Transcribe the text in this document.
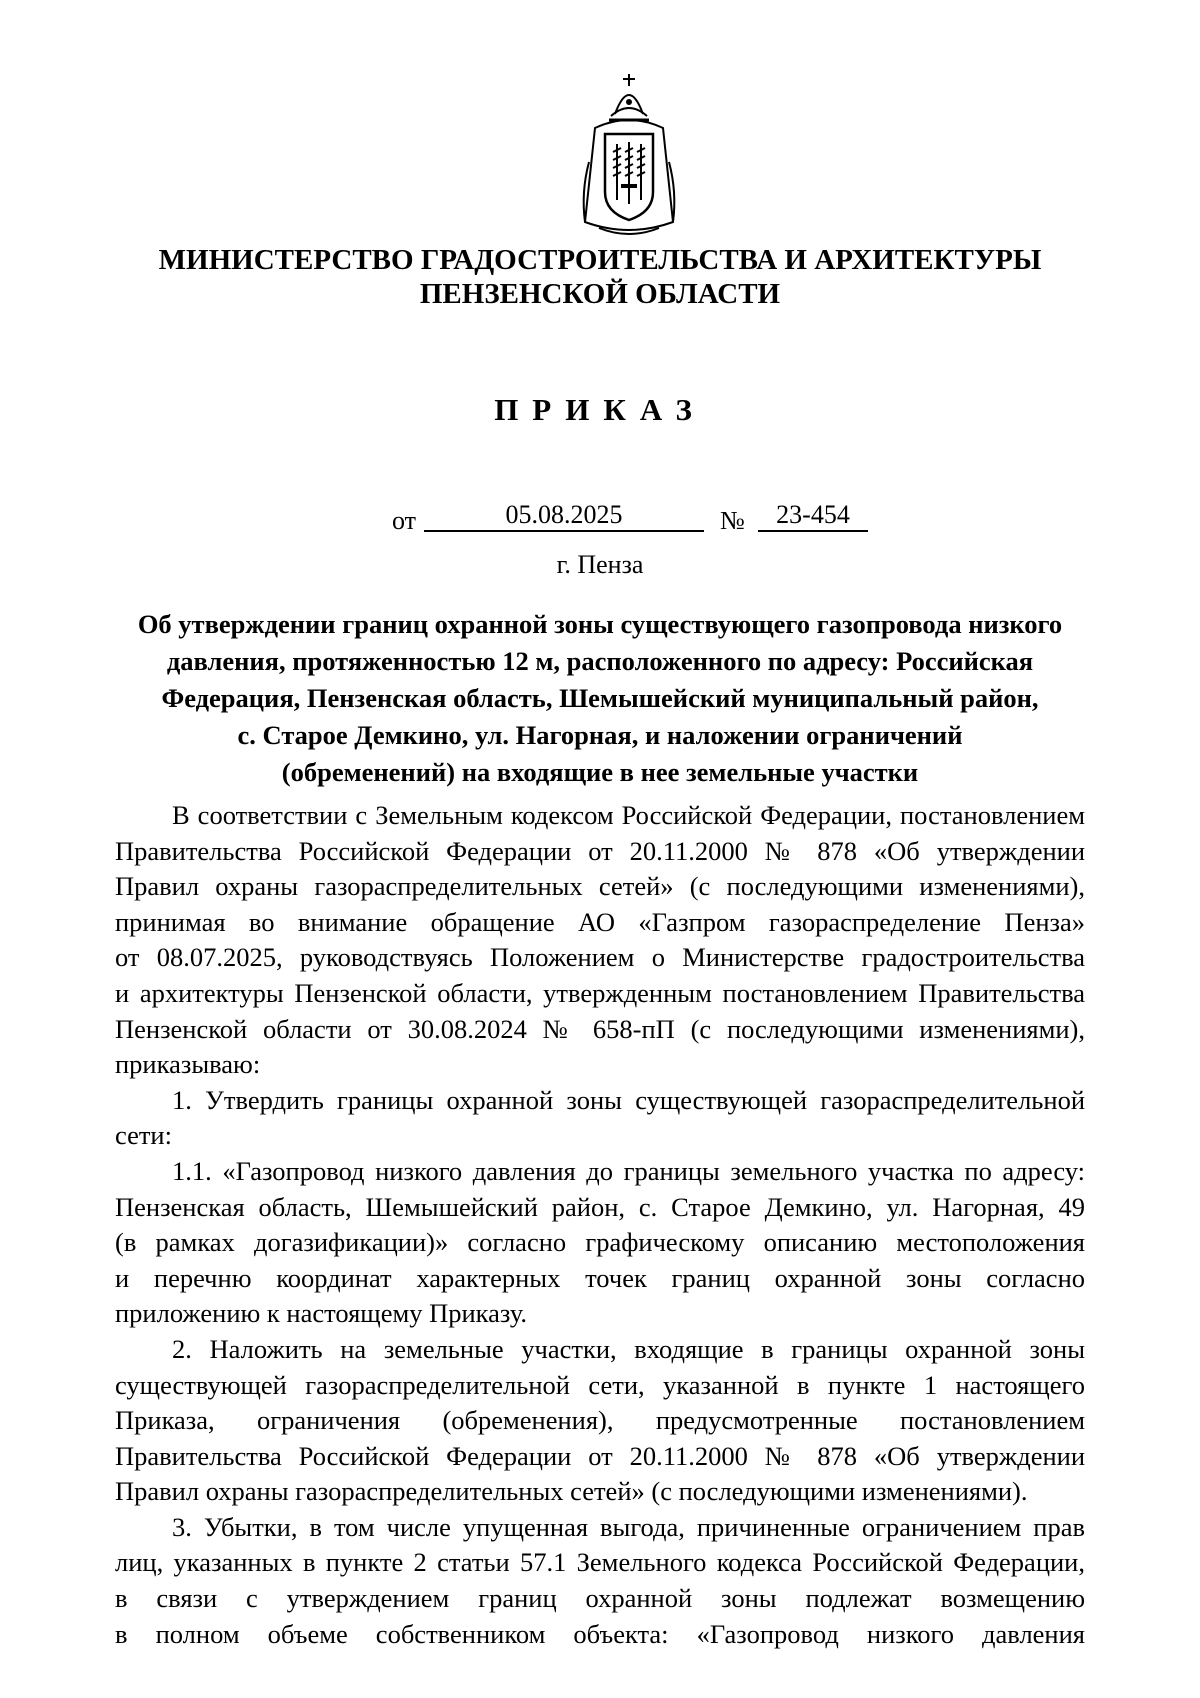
МИНИСТЕРСТВО ГРАДОСТРОИТЕЛЬСТВА И АРХИТЕКТУРЫ
ПЕНЗЕНСКОЙ ОБЛАСТИ
ПРИКАЗ
от	05.08.2025	№	23-454
г. Пенза
Об утверждении границ охранной зоны существующего газопровода низкого
давления, протяженностью 12 м, расположенного по адресу: Российская
Федерация, Пензенская область, Шемышейский муниципальный район,
с. Старое Демкино, ул. Нагорная, и наложении ограничений
(обременений) на входящие в нее земельные участки
В соответствии с Земельным кодексом Российской Федерации, постановлением
Правительства Российской Федерации от 20.11.2000 № 878 «Об утверждении
Правил охраны газораспределительных сетей» (с последующими изменениями),
принимая во внимание обращение АО «Газпром газораспределение Пенза»
от 08.07.2025, руководствуясь Положением о Министерстве градостроительства
и архитектуры Пензенской области, утвержденным постановлением Правительства
Пензенской области от 30.08.2024 № 658-пП (с последующими изменениями),
приказываю:
1. Утвердить границы охранной зоны существующей газораспределительной
сети:
1.1. «Газопровод низкого давления до границы земельного участка по адресу:
Пензенская область, Шемышейский район, с. Старое Демкино, ул. Нагорная, 49
(в рамках догазификации)» согласно графическому описанию местоположения
и перечню координат характерных точек границ охранной зоны согласно
приложению к настоящему Приказу.
2. Наложить на земельные участки, входящие в границы охранной зоны
существующей газораспределительной сети, указанной в пункте 1 настоящего
Приказа, ограничения (обременения), предусмотренные постановлением
Правительства Российской Федерации от 20.11.2000 № 878 «Об утверждении
Правил охраны газораспределительных сетей» (с последующими изменениями).
3. Убытки, в том числе упущенная выгода, причиненные ограничением прав
лиц, указанных в пункте 2 статьи 57.1 Земельного кодекса Российской Федерации,
в связи с утверждением границ охранной зоны подлежат возмещению
в полном объеме собственником объекта: «Газопровод низкого давления
